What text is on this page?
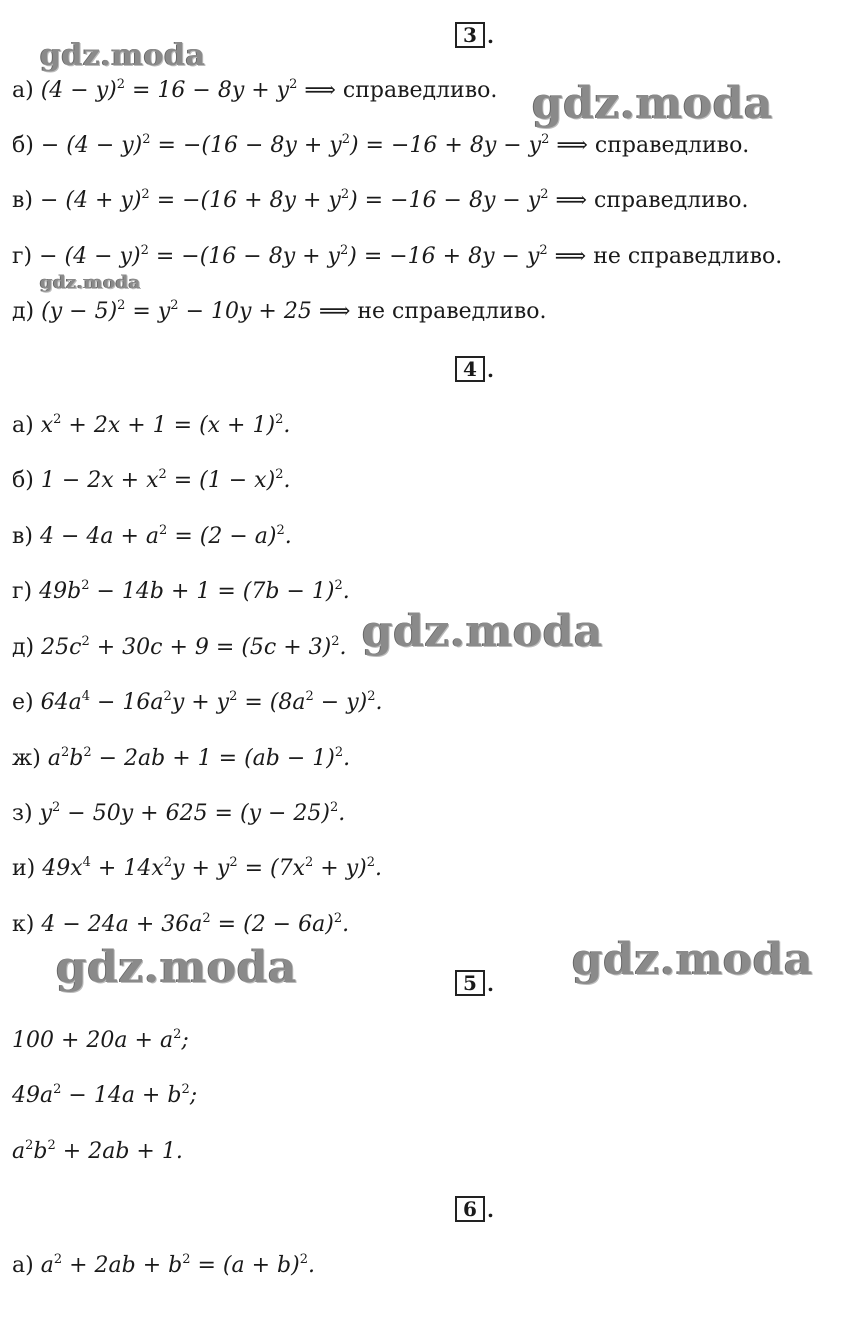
gdz.moda
gdz.moda
gdz.moda
gdz.moda
gdz.moda	gdz.moda
3 .
а) $(4 - y)^2 = 16 - 8y + y^2$ ⟹ справедливо.
$б) - (4 - y)^2 = -(16 - 8y + y^2) = -16 + 8y - y^2$ ⟹ справедливо.
$в) - (4 + y)^2 = -(16 + 8y + y^2) = -16 - 8y - y^2$ ⟹ справедливо.
$г) - (4 - y)^2 = -(16 - 8y + y^2) = -16 + 8y - y^2$ ⟹ не справедливо.
д) $(y - 5)^2 = y^2 - 10y + 25$ ⟹ не справедливо.
4 .
а) $x^2 + 2x + 1 = (x + 1)^2$.
б) $1 - 2x + x^2 = (1 - x)^2$.
в) $4 - 4a + a^2 = (2 - a)^2$.
г) $49b^2 - 14b + 1 = (7b - 1)^2$.
д) $25c^2 + 30c + 9 = (5c + 3)^2$.
е) $64a^4 - 16a^2y + y^2 = (8a^2 - y)^2$.
ж) $a^2b^2 - 2ab + 1 = (ab - 1)^2$.
з) $y^2 - 50y + 625 = (y - 25)^2$.
и) $49x^4 + 14x^2y + y^2 = (7x^2 + y)^2$.
к) $4 - 24a + 36a^2 = (2 - 6a)^2$.
5 .
$100 + 20a + a^2$;
$49a^2 - 14a + b^2$;
$a^2b^2 + 2ab + 1$.
6 .
а) $a^2 + 2ab + b^2 = (a + b)^2$.
